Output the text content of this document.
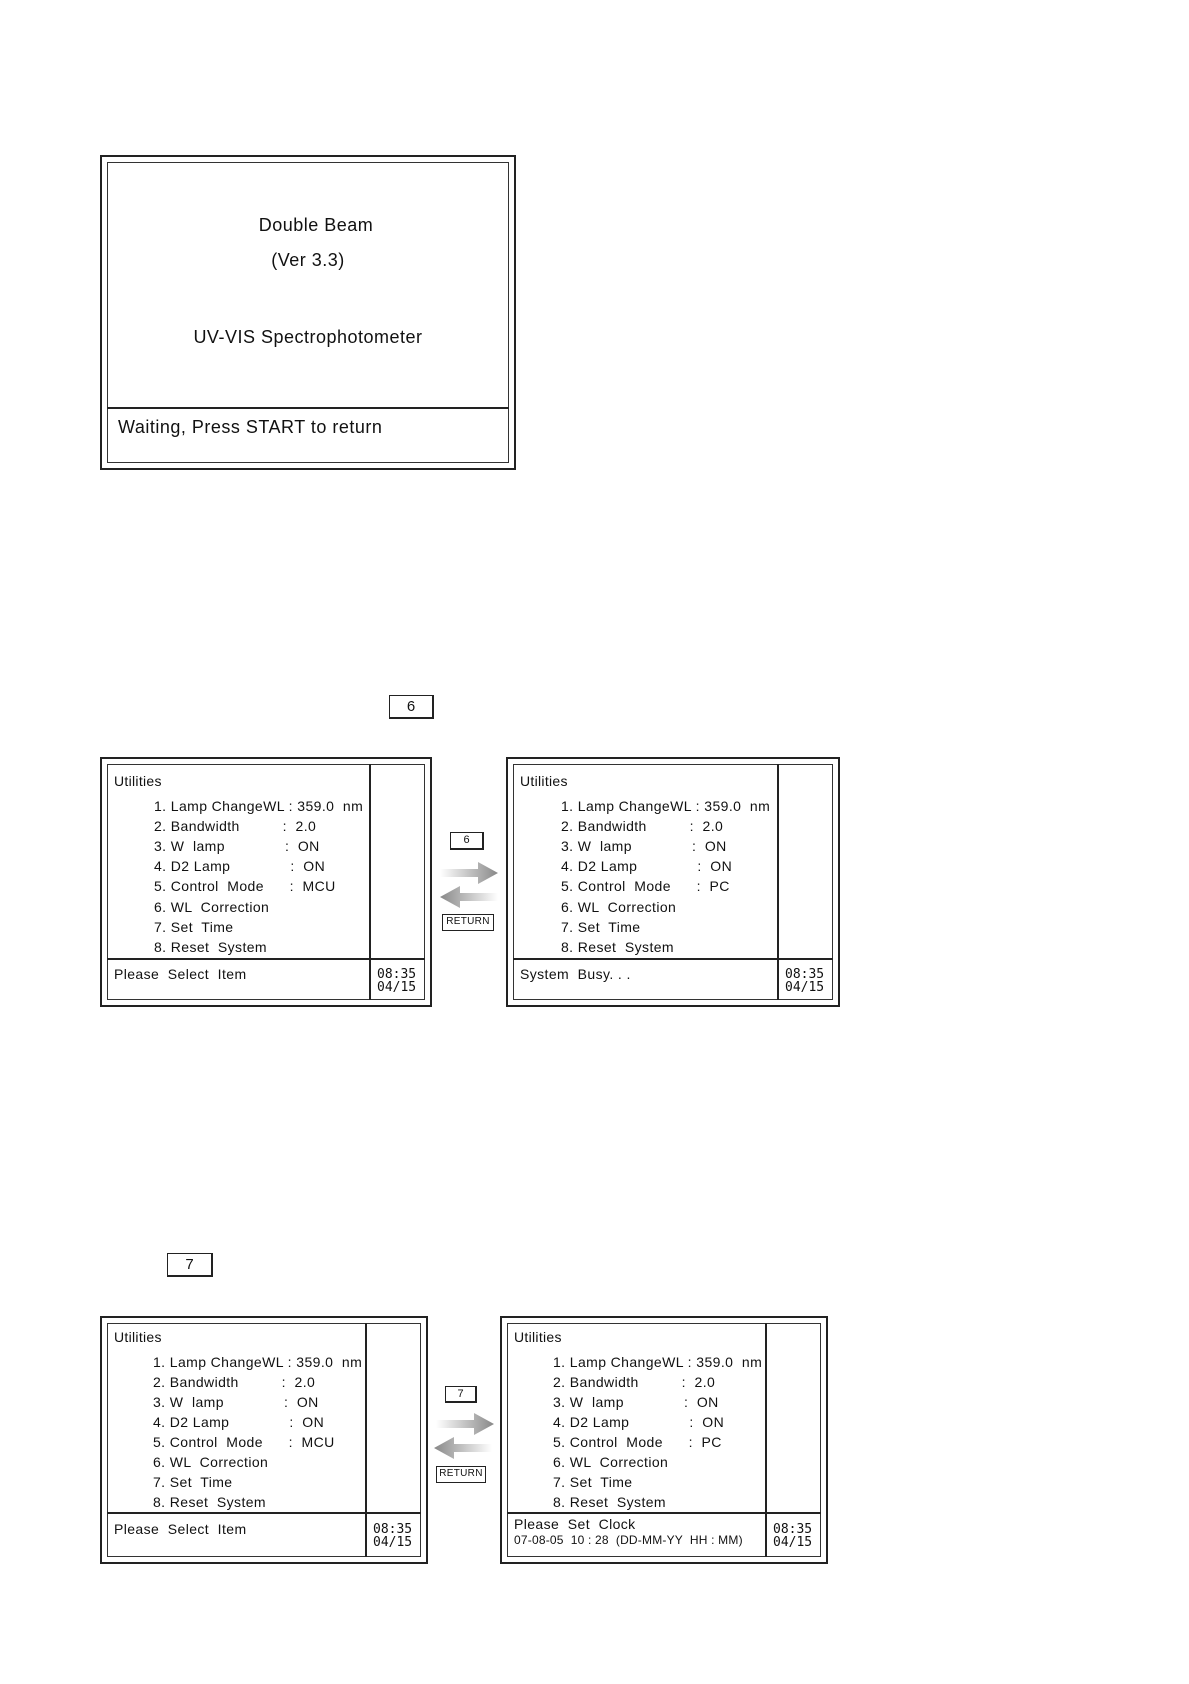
Double Beam
(Ver 3.3)
UV-VIS Spectrophotometer
Waiting, Press START to return
6
Utilities
1. Lamp ChangeWL : 359.0  nm
2. Bandwidth          :  2.0
3. W  lamp              :  ON
4. D2 Lamp              :  ON
5. Control  Mode      :  MCU
6. WL  Correction
7. Set  Time
8. Reset  System
Please  Select  Item	08:35
04/15
6
RETURN
Utilities
1. Lamp ChangeWL : 359.0  nm
2. Bandwidth          :  2.0
3. W  lamp              :  ON
4. D2 Lamp              :  ON
5. Control  Mode      :  PC
6. WL  Correction
7. Set  Time
8. Reset  System
System  Busy. . .	08:35
04/15
7
Utilities
1. Lamp ChangeWL : 359.0  nm
2. Bandwidth          :  2.0
3. W  lamp              :  ON
4. D2 Lamp              :  ON
5. Control  Mode      :  MCU
6. WL  Correction
7. Set  Time
8. Reset  System
Please  Select  Item	08:35
04/15
7
RETURN
Utilities
1. Lamp ChangeWL : 359.0  nm
2. Bandwidth          :  2.0
3. W  lamp              :  ON
4. D2 Lamp              :  ON
5. Control  Mode      :  PC
6. WL  Correction
7. Set  Time
8. Reset  System
Please  Set  Clock
07-08-05  10 : 28  (DD-MM-YY  HH : MM)
08:35
04/15
